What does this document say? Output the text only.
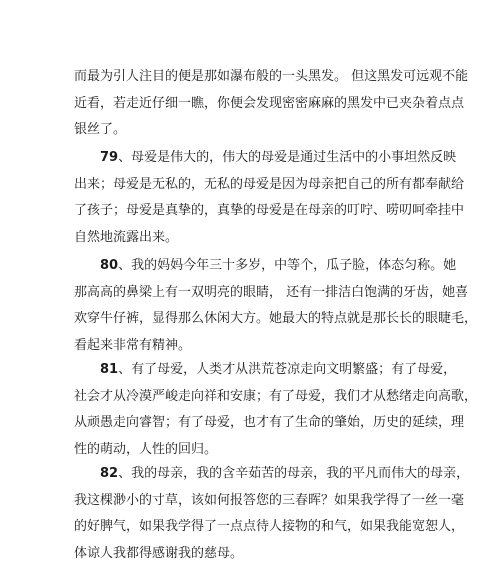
而最为引人注目的便是那如瀑布般的一头黑发。 但这黑发可远观不能
近看，若走近仔细一瞧，你便会发现密密麻麻的黑发中已夹杂着点点
银丝了。
79、母爱是伟大的，伟大的母爱是通过生活中的小事坦然反映
出来；母爱是无私的，无私的母爱是因为母亲把自己的所有都奉献给
了孩子；母爱是真挚的，真挚的母爱是在母亲的叮咛、唠叨呵牵挂中
自然地流露出来。
80、我的妈妈今年三十多岁，中等个，瓜子脸，体态匀称。她
那高高的鼻梁上有一双明亮的眼睛， 还有一排洁白饱满的牙齿，她喜
欢穿牛仔裤，显得那么休闲大方。她最大的特点就是那长长的眼睫毛，
看起来非常有精神。
81、有了母爱，人类才从洪荒苍凉走向文明繁盛；有了母爱，
社会才从冷漠严峻走向祥和安康；有了母爱，我们才从愁绪走向高歌，
从顽愚走向睿智；有了母爱，也才有了生命的肇始，历史的延续，理
性的萌动，人性的回归。
82、我的母亲，我的含辛茹苦的母亲，我的平凡而伟大的母亲，
我这棵渺小的寸草，该如何报答您的三春晖？如果我学得了一丝一毫
的好脾气，如果我学得了一点点待人接物的和气，如果我能宽恕人，
体谅人我都得感谢我的慈母。
